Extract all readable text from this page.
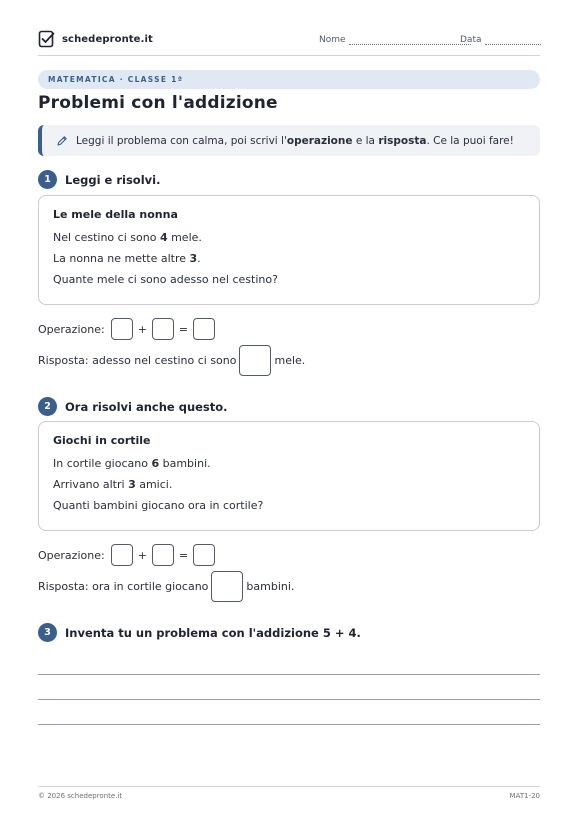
schedepronte.it	Nome	Data
MATEMATICA · CLASSE 1ª
Problemi con l'addizione
Leggi il problema con calma, poi scrivi l'operazione e la risposta. Ce la puoi fare!
1	Leggi e risolvi.
Le mele della nonna
Nel cestino ci sono 4 mele.
La nonna ne mette altre 3.
Quante mele ci sono adesso nel cestino?
Operazione:	+	=
Risposta: adesso nel cestino ci sono	mele.
2	Ora risolvi anche questo.
Giochi in cortile
In cortile giocano 6 bambini.
Arrivano altri 3 amici.
Quanti bambini giocano ora in cortile?
Operazione:	+	=
Risposta: ora in cortile giocano	bambini.
3	Inventa tu un problema con l'addizione 5 + 4.
© 2026 schedepronte.it	MAT1-20
